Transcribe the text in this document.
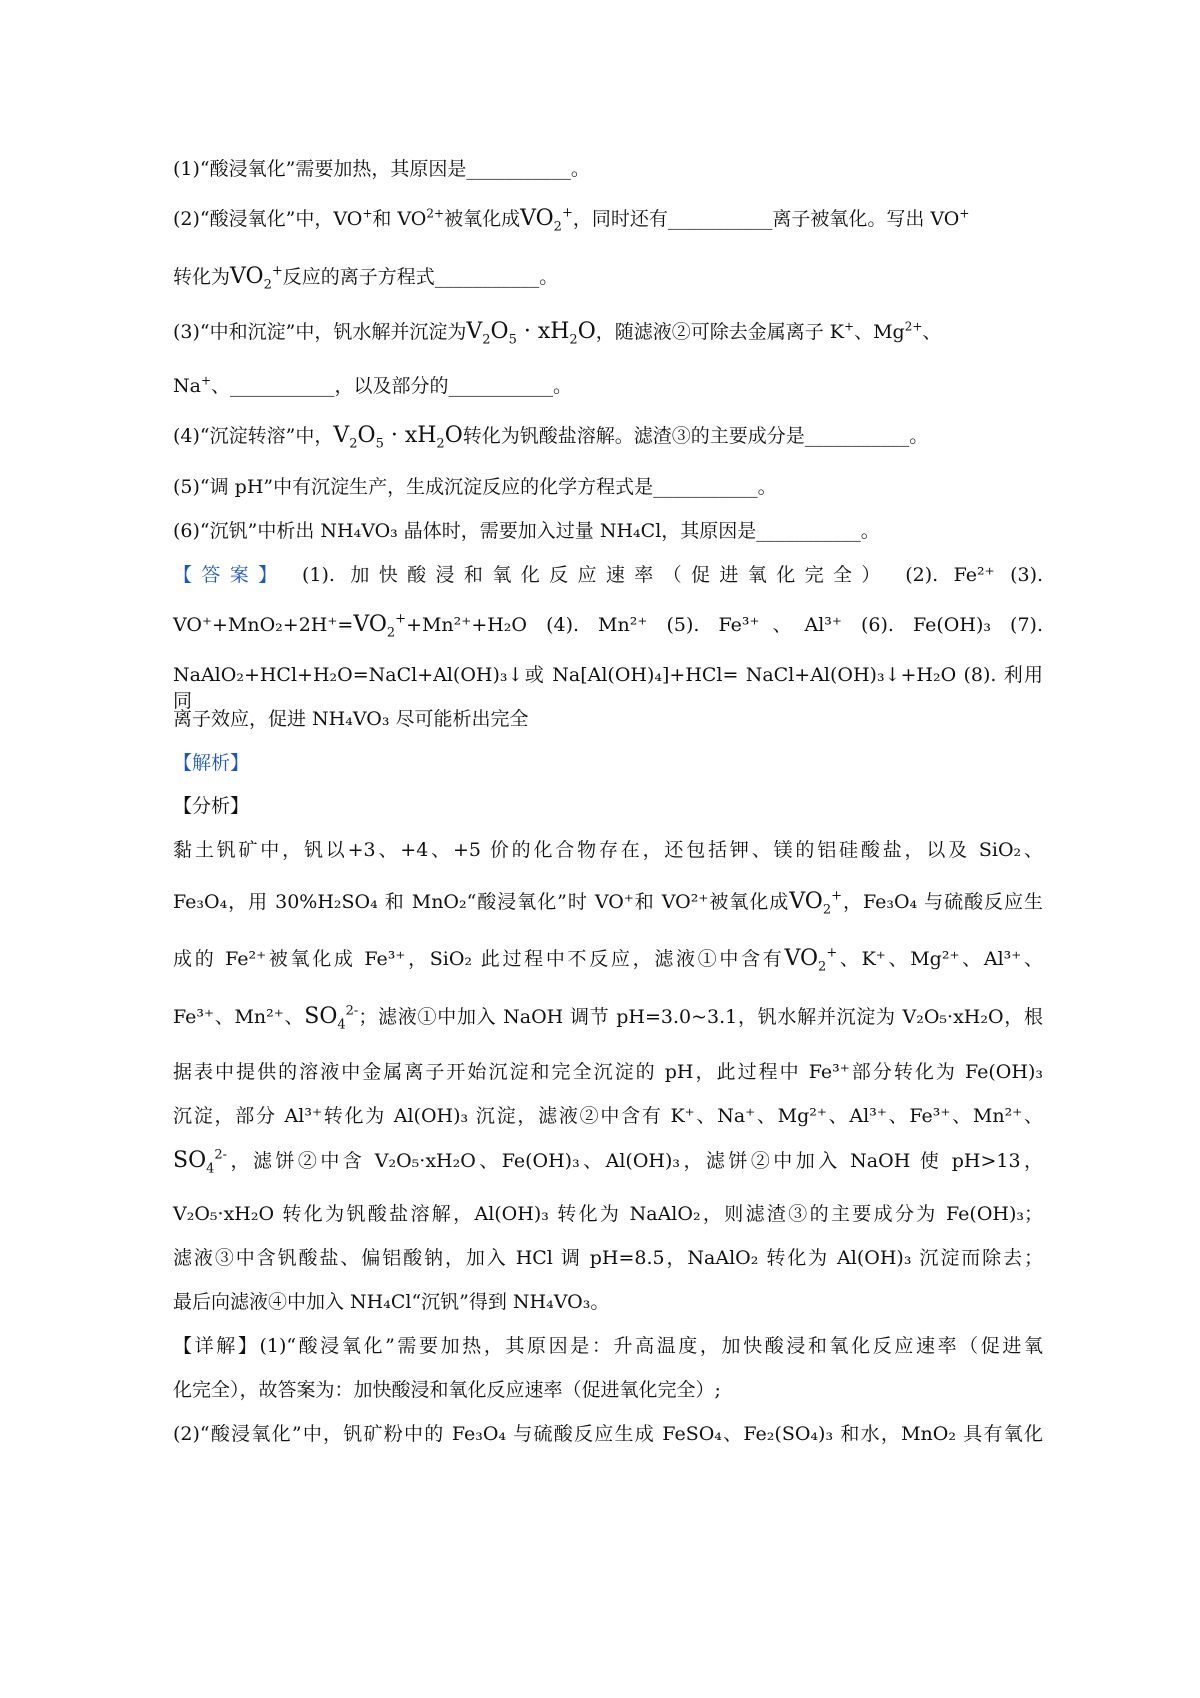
(1)“酸浸氧化”需要加热，其原因是___________。
(2)“酸浸氧化”中，VO+和 $VO^{2+}$被氧化成$VO_2^+$，同时还有___________离子被氧化。写出 VO+
转化为$VO_2^+$反应的离子方程式___________。
(3)“中和沉淀”中，钒水解并沉淀为$V_2O_5 \cdot xH_2O$，随滤液②可除去金属离子 K+、$Mg^{2+}$、
Na+、___________，以及部分的___________。
(4)“沉淀转溶”中，$V_2O_5 \cdot xH_2O$转化为钒酸盐溶解。滤渣③的主要成分是___________。
(5)“调 pH”中有沉淀生产，生成沉淀反应的化学方程式是___________。
(6)“沉钒”中析出 NH₄VO₃ 晶体时，需要加入过量 NH₄Cl，其原因是___________。
【答案】 (1). 加快酸浸和氧化反应速率（促进氧化完全） (2). Fe²⁺ (3).
$VO^++MnO_2+2H^+=VO_2^++Mn^{2+}+H_2O$ (4). Mn²⁺ (5). Fe³⁺、Al³⁺ (6). Fe(OH)₃ (7).
NaAlO₂+HCl+H₂O=NaCl+Al(OH)₃↓或 Na[Al(OH)₄]+HCl= NaCl+Al(OH)₃↓+H₂O (8). 利用同
离子效应，促进 NH₄VO₃ 尽可能析出完全
【解析】
【分析】
黏土钒矿中，钒以+3、+4、+5 价的化合物存在，还包括钾、镁的铝硅酸盐，以及 SiO₂、
Fe₃O₄，用 30%H₂SO₄ 和 MnO₂“酸浸氧化”时 VO⁺和 VO²⁺被氧化成$VO_2^+$，Fe₃O₄ 与硫酸反应生
成的 Fe²⁺被氧化成 Fe³⁺，SiO₂ 此过程中不反应，滤液①中含有$VO_2^+$、K⁺、Mg²⁺、Al³⁺、
Fe³⁺、Mn²⁺、$SO_4^{2-}$；滤液①中加入 NaOH 调节 pH=3.0~3.1，钒水解并沉淀为 V₂O₅·xH₂O，根
据表中提供的溶液中金属离子开始沉淀和完全沉淀的 pH，此过程中 Fe³⁺部分转化为 Fe(OH)₃
沉淀，部分 Al³⁺转化为 Al(OH)₃ 沉淀，滤液②中含有 K⁺、Na⁺、Mg²⁺、Al³⁺、Fe³⁺、Mn²⁺、
$SO_4^{2-}$，滤饼②中含 V₂O₅·xH₂O、Fe(OH)₃、Al(OH)₃，滤饼②中加入 NaOH 使 pH>13，
V₂O₅·xH₂O 转化为钒酸盐溶解，Al(OH)₃ 转化为 NaAlO₂，则滤渣③的主要成分为 Fe(OH)₃；
滤液③中含钒酸盐、偏铝酸钠，加入 HCl 调 pH=8.5，NaAlO₂ 转化为 Al(OH)₃ 沉淀而除去；
最后向滤液④中加入 NH₄Cl“沉钒”得到 NH₄VO₃。
【详解】(1)“酸浸氧化”需要加热，其原因是：升高温度，加快酸浸和氧化反应速率（促进氧
化完全），故答案为：加快酸浸和氧化反应速率（促进氧化完全）;
(2)“酸浸氧化”中，钒矿粉中的 Fe₃O₄ 与硫酸反应生成 FeSO₄、Fe₂(SO₄)₃ 和水，MnO₂ 具有氧化
